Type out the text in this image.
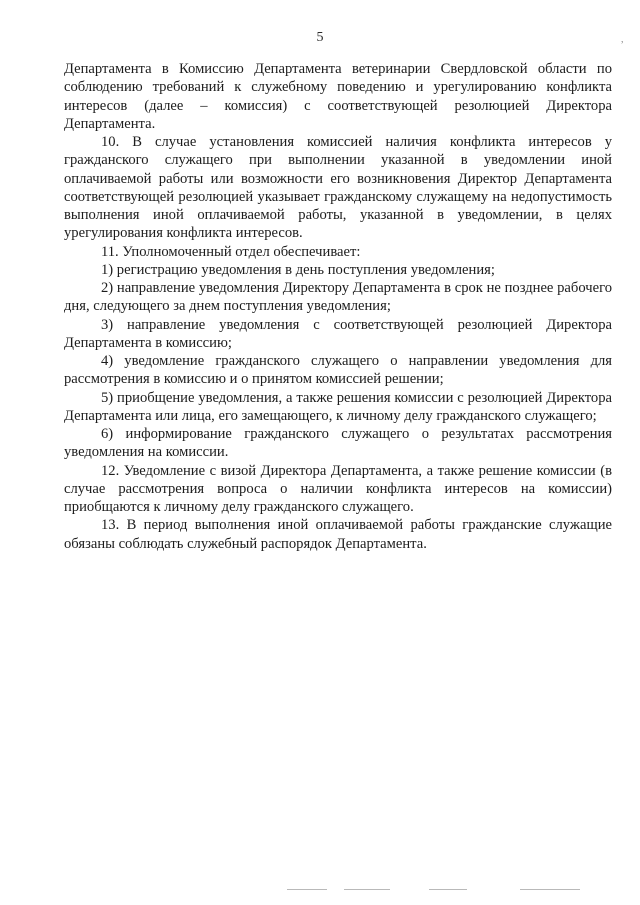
5	,

Департамента в Комиссию Департамента ветеринарии Свердловской области по соблюдению требований к служебному поведению и урегулированию конфликта интересов (далее – комиссия) с соответствующей резолюцией Директора Департамента.

10. В случае установления комиссией наличия конфликта интересов у гражданского служащего при выполнении указанной в уведомлении иной оплачиваемой работы или возможности его возникновения Директор Департамента соответствующей резолюцией указывает гражданскому служащему на недопустимость выполнения иной оплачиваемой работы, указанной в уведомлении, в целях урегулирования конфликта интересов.

11. Уполномоченный отдел обеспечивает:

1) регистрацию уведомления в день поступления уведомления;

2) направление уведомления Директору Департамента в срок не позднее рабочего дня, следующего за днем поступления уведомления;

3) направление уведомления с соответствующей резолюцией Директора Департамента в комиссию;

4) уведомление гражданского служащего о направлении уведомления для рассмотрения в комиссию и о принятом комиссией решении;

5) приобщение уведомления, а также решения комиссии с резолюцией Директора Департамента или лица, его замещающего, к личному делу гражданского служащего;

6) информирование гражданского служащего о результатах рассмотрения уведомления на комиссии.

12. Уведомление с визой Директора Департамента, а также решение комиссии (в случае рассмотрения вопроса о наличии конфликта интересов на комиссии) приобщаются к личному делу гражданского служащего.

13. В период выполнения иной оплачиваемой работы гражданские служащие обязаны соблюдать служебный распорядок Департамента.
